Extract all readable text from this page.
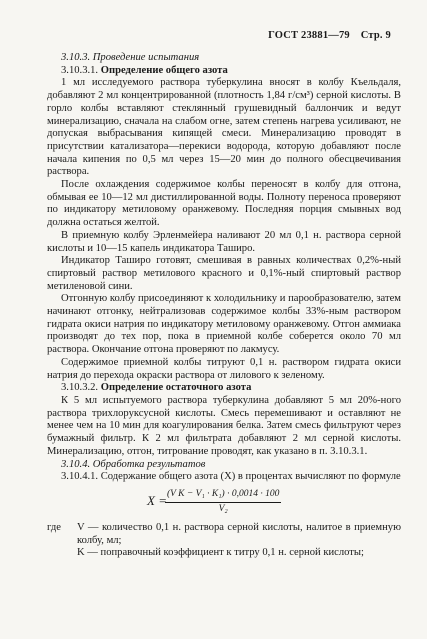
ГОСТ 23881—79 Стр. 9

3.10.3. Проведение испытания

3.10.3.1. Определение общего азота

1 мл исследуемого раствора туберкулина вносят в колбу Къельдаля, добавляют 2 мл концентрированной (плотность 1,84 г/см³) серной кислоты. В горло колбы вставляют стеклянный грушевидный баллончик и ведут минерализацию, сначала на слабом огне, затем степень нагрева усиливают, не допуская выбрасывания кипящей смеси. Минерализацию проводят в присутствии катализатора—перекиси водорода, которую добавляют после начала кипения по 0,5 мл через 15—20 мин до полного обесцвечивания раствора.

После охлаждения содержимое колбы переносят в колбу для отгона, обмывая ее 10—12 мл дистиллированной воды. Полноту переноса проверяют по индикатору метиловому оранжевому. Последняя порция смывных вод должна остаться желтой.

В приемную колбу Эрленмейера наливают 20 мл 0,1 н. раствора серной кислоты и 10—15 капель индикатора Таширо.

Индикатор Таширо готовят, смешивая в равных количествах 0,2%-ный спиртовый раствор метилового красного и 0,1%-ный спиртовый раствор метиленовой сини.

Отгонную колбу присоединяют к холодильнику и парообразователю, затем начинают отгонку, нейтрализовав содержимое колбы 33%-ным раствором гидрата окиси натрия по индикатору метиловому оранжевому. Отгон аммиака производят до тех пор, пока в приемной колбе соберется около 70 мл раствора. Окончание отгона проверяют по лакмусу.

Содержимое приемной колбы титруют 0,1 н. раствором гидрата окиси натрия до перехода окраски раствора от лилового к зеленому.

3.10.3.2. Определение остаточного азота

К 5 мл испытуемого раствора туберкулина добавляют 5 мл 20%-ного раствора трихлоруксусной кислоты. Смесь перемешивают и оставляют не менее чем на 10 мин для коагулирования белка. Затем смесь фильтруют через бумажный фильтр. К 2 мл фильтрата добавляют 2 мл серной кислоты. Минерализацию, отгон, титрование проводят, как указано в п. 3.10.3.1.

3.10.4. Обработка результатов

3.10.4.1. Содержание общего азота (X) в процентах вычисляют по формуле

X =
$\frac{\text{(V K − V₁ · K₁) · 0,0014 · 100}}{\text{V₂}}$
где	V — количество 0,1 н. раствора серной кислоты, налитое в приемную колбу, мл;
K — поправочный коэффициент к титру 0,1 н. серной кислоты;
